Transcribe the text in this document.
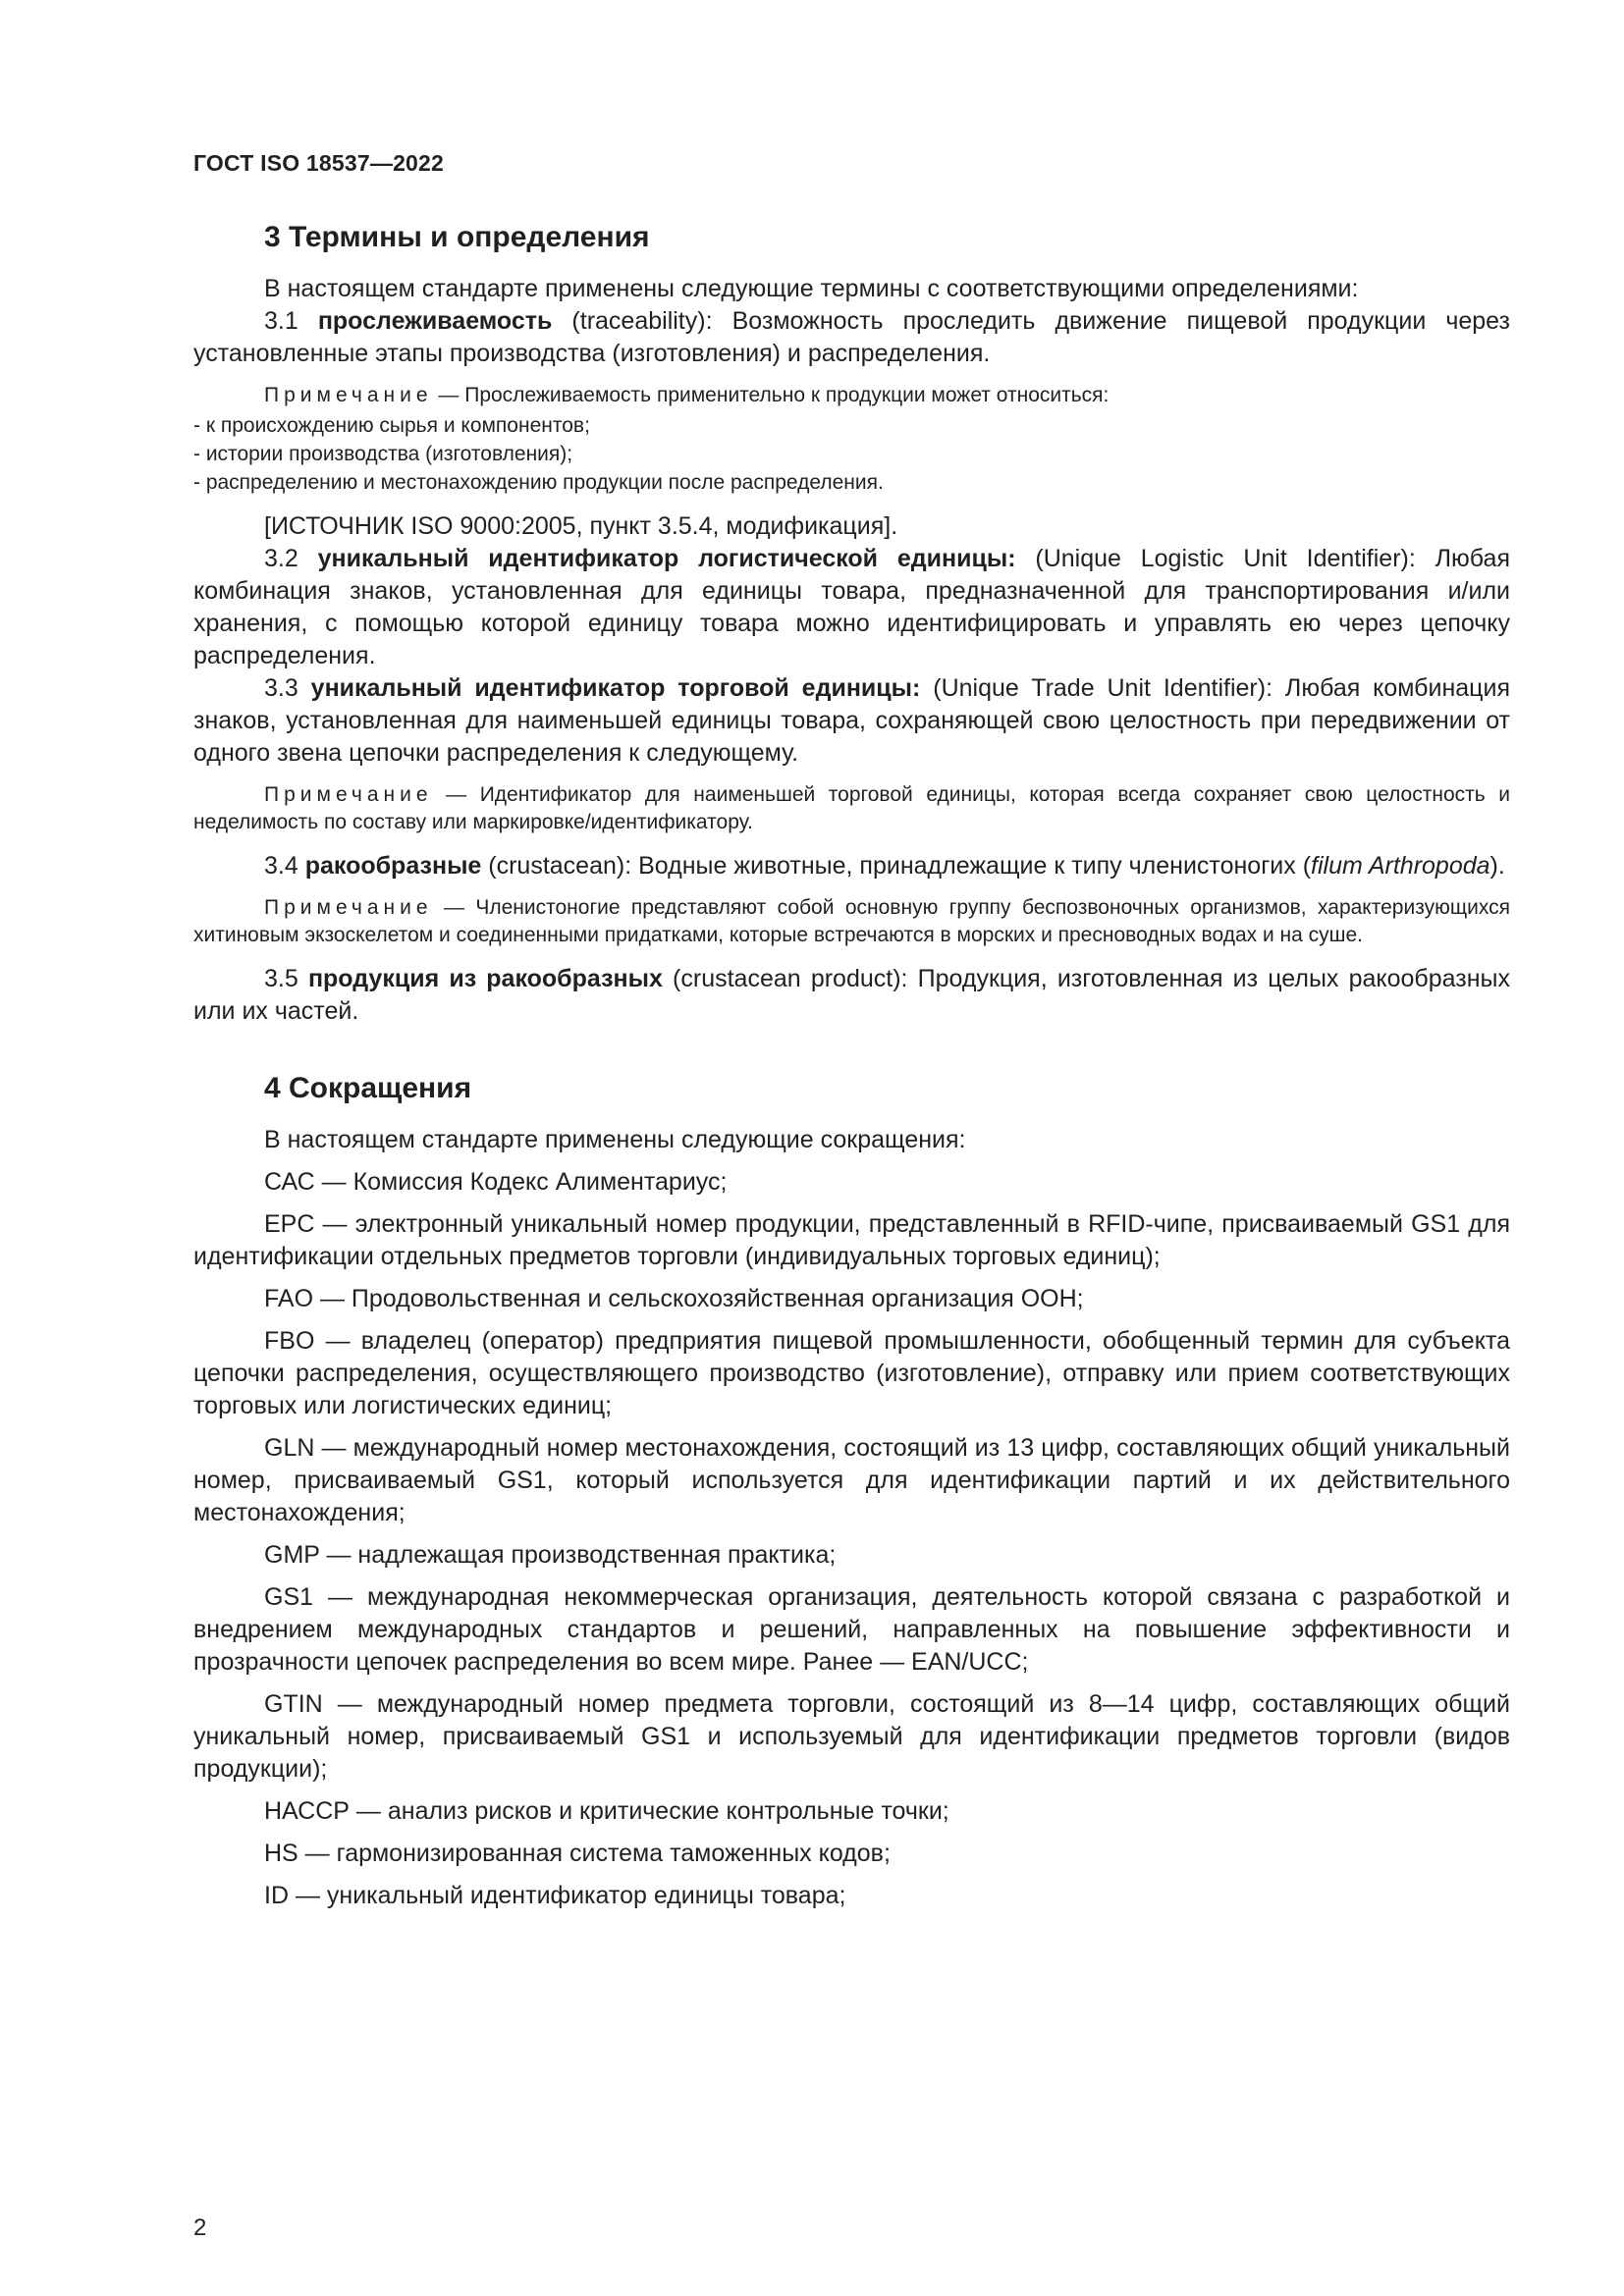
ГОСТ ISO 18537—2022

3 Термины и определения

В настоящем стандарте применены следующие термины с соответствующими определениями:

3.1 прослеживаемость (traceability): Возможность проследить движение пищевой продукции через установленные этапы производства (изготовления) и распределения.

Примечание — Прослеживаемость применительно к продукции может относиться:

- к происхождению сырья и компонентов;
- истории производства (изготовления);
- распределению и местонахождению продукции после распределения.

[ИСТОЧНИК ISO 9000:2005, пункт 3.5.4, модификация].

3.2 уникальный идентификатор логистической единицы: (Unique Logistic Unit Identifier): Любая комбинация знаков, установленная для единицы товара, предназначенной для транспортирования и/или хранения, с помощью которой единицу товара можно идентифицировать и управлять ею через цепочку распределения.

3.3 уникальный идентификатор торговой единицы: (Unique Trade Unit Identifier): Любая комбинация знаков, установленная для наименьшей единицы товара, сохраняющей свою целостность при передвижении от одного звена цепочки распределения к следующему.

Примечание — Идентификатор для наименьшей торговой единицы, которая всегда сохраняет свою целостность и неделимость по составу или маркировке/идентификатору.

3.4 ракообразные (crustacean): Водные животные, принадлежащие к типу членистоногих (filum Arthropoda).

Примечание — Членистоногие представляют собой основную группу беспозвоночных организмов, характеризующихся хитиновым экзоскелетом и соединенными придатками, которые встречаются в морских и пресноводных водах и на суше.

3.5 продукция из ракообразных (crustacean product): Продукция, изготовленная из целых ракообразных или их частей.

4 Сокращения

В настоящем стандарте применены следующие сокращения:

САС — Комиссия Кодекс Алиментариус;

EPC — электронный уникальный номер продукции, представленный в RFID-чипе, присваиваемый GS1 для идентификации отдельных предметов торговли (индивидуальных торговых единиц);

FAO — Продовольственная и сельскохозяйственная организация ООН;

FBO — владелец (оператор) предприятия пищевой промышленности, обобщенный термин для субъекта цепочки распределения, осуществляющего производство (изготовление), отправку или прием соответствующих торговых или логистических единиц;

GLN — международный номер местонахождения, состоящий из 13 цифр, составляющих общий уникальный номер, присваиваемый GS1, который используется для идентификации партий и их действительного местонахождения;

GMP — надлежащая производственная практика;

GS1 — международная некоммерческая организация, деятельность которой связана с разработкой и внедрением международных стандартов и решений, направленных на повышение эффективности и прозрачности цепочек распределения во всем мире. Ранее — EAN/UCC;

GTIN — международный номер предмета торговли, состоящий из 8—14 цифр, составляющих общий уникальный номер, присваиваемый GS1 и используемый для идентификации предметов торговли (видов продукции);

НАССР — анализ рисков и критические контрольные точки;

HS — гармонизированная система таможенных кодов;

ID — уникальный идентификатор единицы товара;

2
